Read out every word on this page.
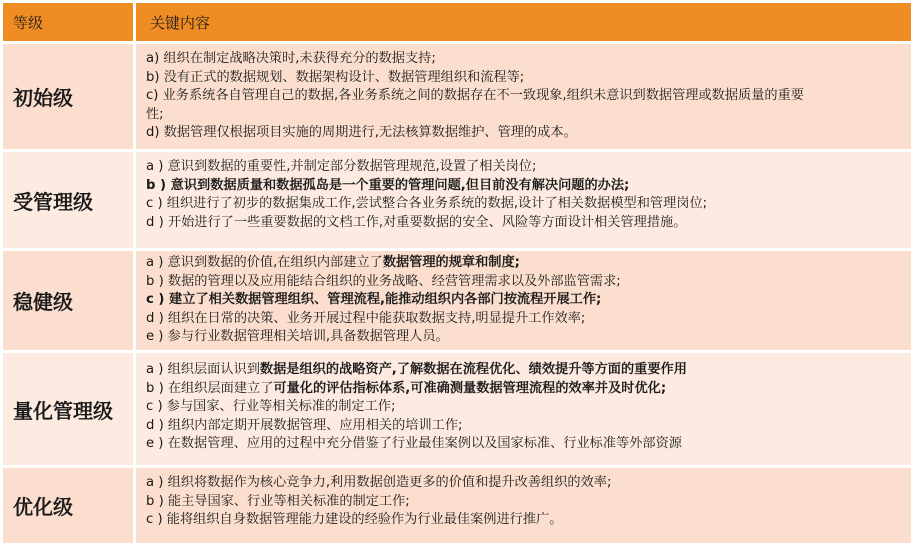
等级	关键内容
初始级
a) 组织在制定战略决策时,未获得充分的数据支持;
b) 没有正式的数据规划、数据架构设计、数据管理组织和流程等;
c) 业务系统各自管理自己的数据,各业务系统之间的数据存在不一致现象,组织未意识到数据管理或数据质量的重要性;
d) 数据管理仅根据项目实施的周期进行,无法核算数据维护、管理的成本。
受管理级
a ) 意识到数据的重要性,并制定部分数据管理规范,设置了相关岗位;
b ) 意识到数据质量和数据孤岛是一个重要的管理问题,但目前没有解决问题的办法;
c ) 组织进行了初步的数据集成工作,尝试整合各业务系统的数据,设计了相关数据模型和管理岗位;
d ) 开始进行了一些重要数据的文档工作,对重要数据的安全、风险等方面设计相关管理措施。
稳健级
a ) 意识到数据的价值,在组织内部建立了数据管理的规章和制度;
b ) 数据的管理以及应用能结合组织的业务战略、经营管理需求以及外部监管需求;
c ) 建立了相关数据管理组织、管理流程,能推动组织内各部门按流程开展工作;
d ) 组织在日常的决策、业务开展过程中能获取数据支持,明显提升工作效率;
e ) 参与行业数据管理相关培训,具备数据管理人员。
量化管理级
a ) 组织层面认识到数据是组织的战略资产,了解数据在流程优化、绩效提升等方面的重要作用
b ) 在组织层面建立了可量化的评估指标体系,可准确测量数据管理流程的效率并及时优化;
c ) 参与国家、行业等相关标准的制定工作;
d ) 组织内部定期开展数据管理、应用相关的培训工作;
e ) 在数据管理、应用的过程中充分借鉴了行业最佳案例以及国家标准、行业标准等外部资源
优化级
a ) 组织将数据作为核心竞争力,利用数据创造更多的价值和提升改善组织的效率;
b ) 能主导国家、行业等相关标准的制定工作;
c ) 能将组织自身数据管理能力建设的经验作为行业最佳案例进行推广。
